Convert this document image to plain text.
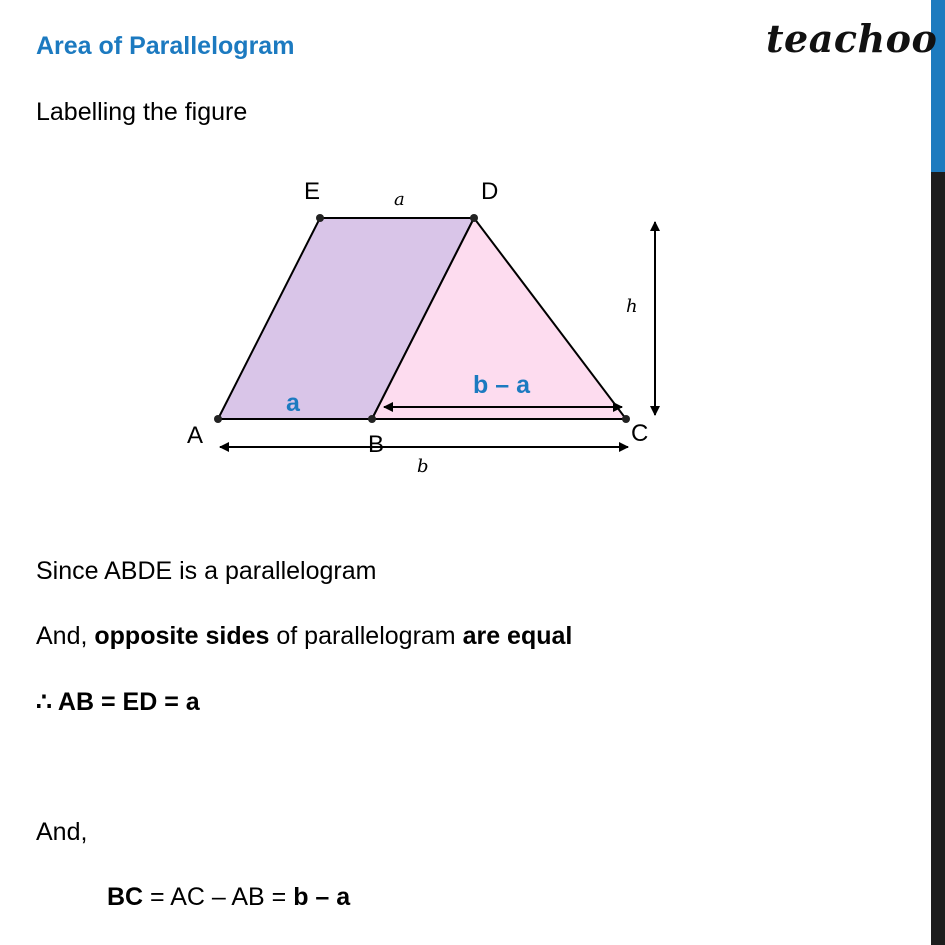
Area of Parallelogram	teachoo
Labelling the figure
E	D
A	B	C
a
h
b
a
b – a
Since ABDE is a parallelogram
And, opposite sides of parallelogram are equal
∴ AB = ED = a
And,
BC = AC – AB = b – a
